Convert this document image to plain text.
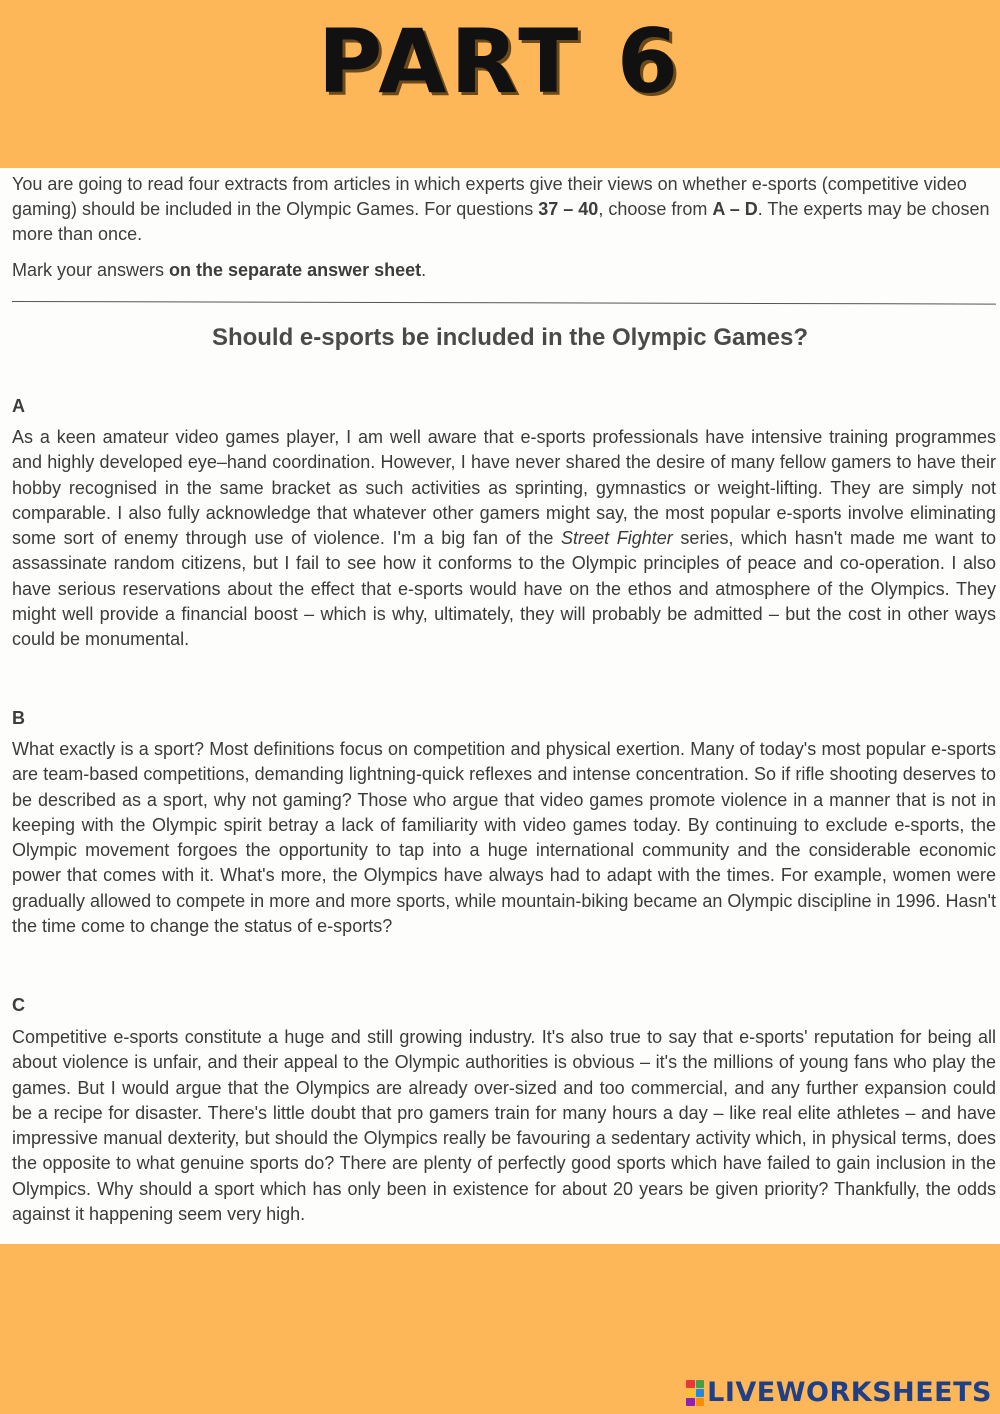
PART 6

You are going to read four extracts from articles in which experts give their views on whether e-sports (competitive video gaming) should be included in the Olympic Games. For questions 37 – 40, choose from A – D. The experts may be chosen more than once.

Mark your answers on the separate answer sheet.

Should e-sports be included in the Olympic Games?
A

As a keen amateur video games player, I am well aware that e-sports professionals have intensive training programmes and highly developed eye–hand coordination. However, I have never shared the desire of many fellow gamers to have their hobby recognised in the same bracket as such activities as sprinting, gymnastics or weight-lifting. They are simply not comparable. I also fully acknowledge that whatever other gamers might say, the most popular e-sports involve eliminating some sort of enemy through use of violence. I'm a big fan of the Street Fighter series, which hasn't made me want to assassinate random citizens, but I fail to see how it conforms to the Olympic principles of peace and co-operation. I also have serious reservations about the effect that e-sports would have on the ethos and atmosphere of the Olympics. They might well provide a financial boost – which is why, ultimately, they will probably be admitted – but the cost in other ways could be monumental.

B

What exactly is a sport? Most definitions focus on competition and physical exertion. Many of today's most popular e-sports are team-based competitions, demanding lightning-quick reflexes and intense concentration. So if rifle shooting deserves to be described as a sport, why not gaming? Those who argue that video games promote violence in a manner that is not in keeping with the Olympic spirit betray a lack of familiarity with video games today. By continuing to exclude e-sports, the Olympic movement forgoes the opportunity to tap into a huge international community and the considerable economic power that comes with it. What's more, the Olympics have always had to adapt with the times. For example, women were gradually allowed to compete in more and more sports, while mountain-biking became an Olympic discipline in 1996. Hasn't the time come to change the status of e-sports?

C

Competitive e-sports constitute a huge and still growing industry. It's also true to say that e-sports' reputation for being all about violence is unfair, and their appeal to the Olympic authorities is obvious – it's the millions of young fans who play the games. But I would argue that the Olympics are already over-sized and too commercial, and any further expansion could be a recipe for disaster. There's little doubt that pro gamers train for many hours a day – like real elite athletes – and have impressive manual dexterity, but should the Olympics really be favouring a sedentary activity which, in physical terms, does the opposite to what genuine sports do? There are plenty of perfectly good sports which have failed to gain inclusion in the Olympics. Why should a sport which has only been in existence for about 20 years be given priority? Thankfully, the odds against it happening seem very high.

LIVEWORKSHEETS
